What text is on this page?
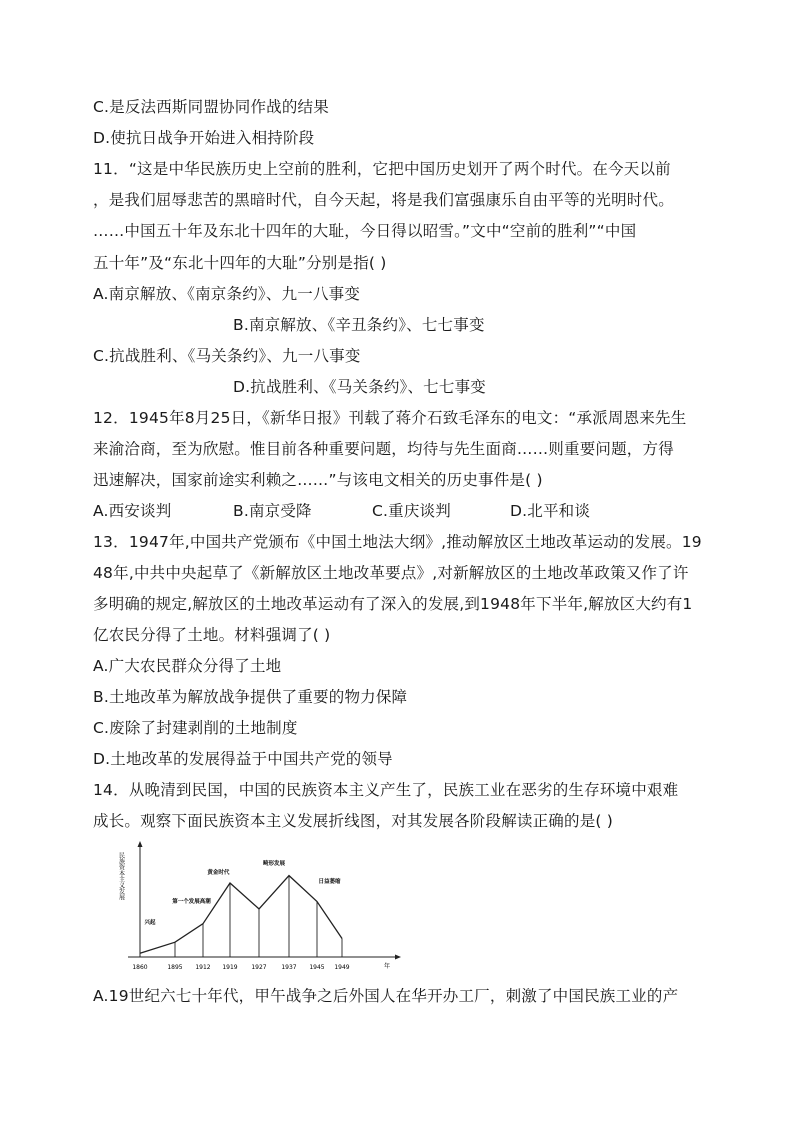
C.是反法西斯同盟协同作战的结果
D.使抗日战争开始进入相持阶段
11．“这是中华民族历史上空前的胜利，它把中国历史划开了两个时代。在今天以前
，是我们屈辱悲苦的黑暗时代，自今天起，将是我们富强康乐自由平等的光明时代。
……中国五十年及东北十四年的大耻，今日得以昭雪。”文中“空前的胜利”“中国
五十年”及“东北十四年的大耻”分别是指( )
A.南京解放、《南京条约》、九一八事变
B.南京解放、《辛丑条约》、七七事变
C.抗战胜利、《马关条约》、九一八事变
D.抗战胜利、《马关条约》、七七事变
12．1945年8月25日，《新华日报》刊载了蒋介石致毛泽东的电文：“承派周恩来先生
来渝洽商，至为欣慰。惟目前各种重要问题，均待与先生面商……则重要问题，方得
迅速解决，国家前途实利赖之……”与该电文相关的历史事件是( )
A.西安谈判	B.南京受降	C.重庆谈判	D.北平和谈
13．1947年,中国共产党颁布《中国土地法大纲》,推动解放区土地改革运动的发展。19
48年,中共中央起草了《新解放区土地改革要点》,对新解放区的土地改革政策又作了许
多明确的规定,解放区的土地改革运动有了深入的发展,到1948年下半年,解放区大约有1
亿农民分得了土地。材料强调了( )
A.广大农民群众分得了土地
B.土地改革为解放战争提供了重要的物力保障
C.废除了封建剥削的土地制度
D.土地改革的发展得益于中国共产党的领导
14．从晚清到民国，中国的民族资本主义产生了，民族工业在恶劣的生存环境中艰难
成长。观察下面民族资本主义发展折线图，对其发展各阶段解读正确的是( )
民族资本主义发展
年
1860	1895 1912 1919 1927 1937 1945 1949
兴起
第一个发展高潮
黄金时代
畸形发展
日益萎缩
A.19世纪六七十年代，甲午战争之后外国人在华开办工厂，刺激了中国民族工业的产
